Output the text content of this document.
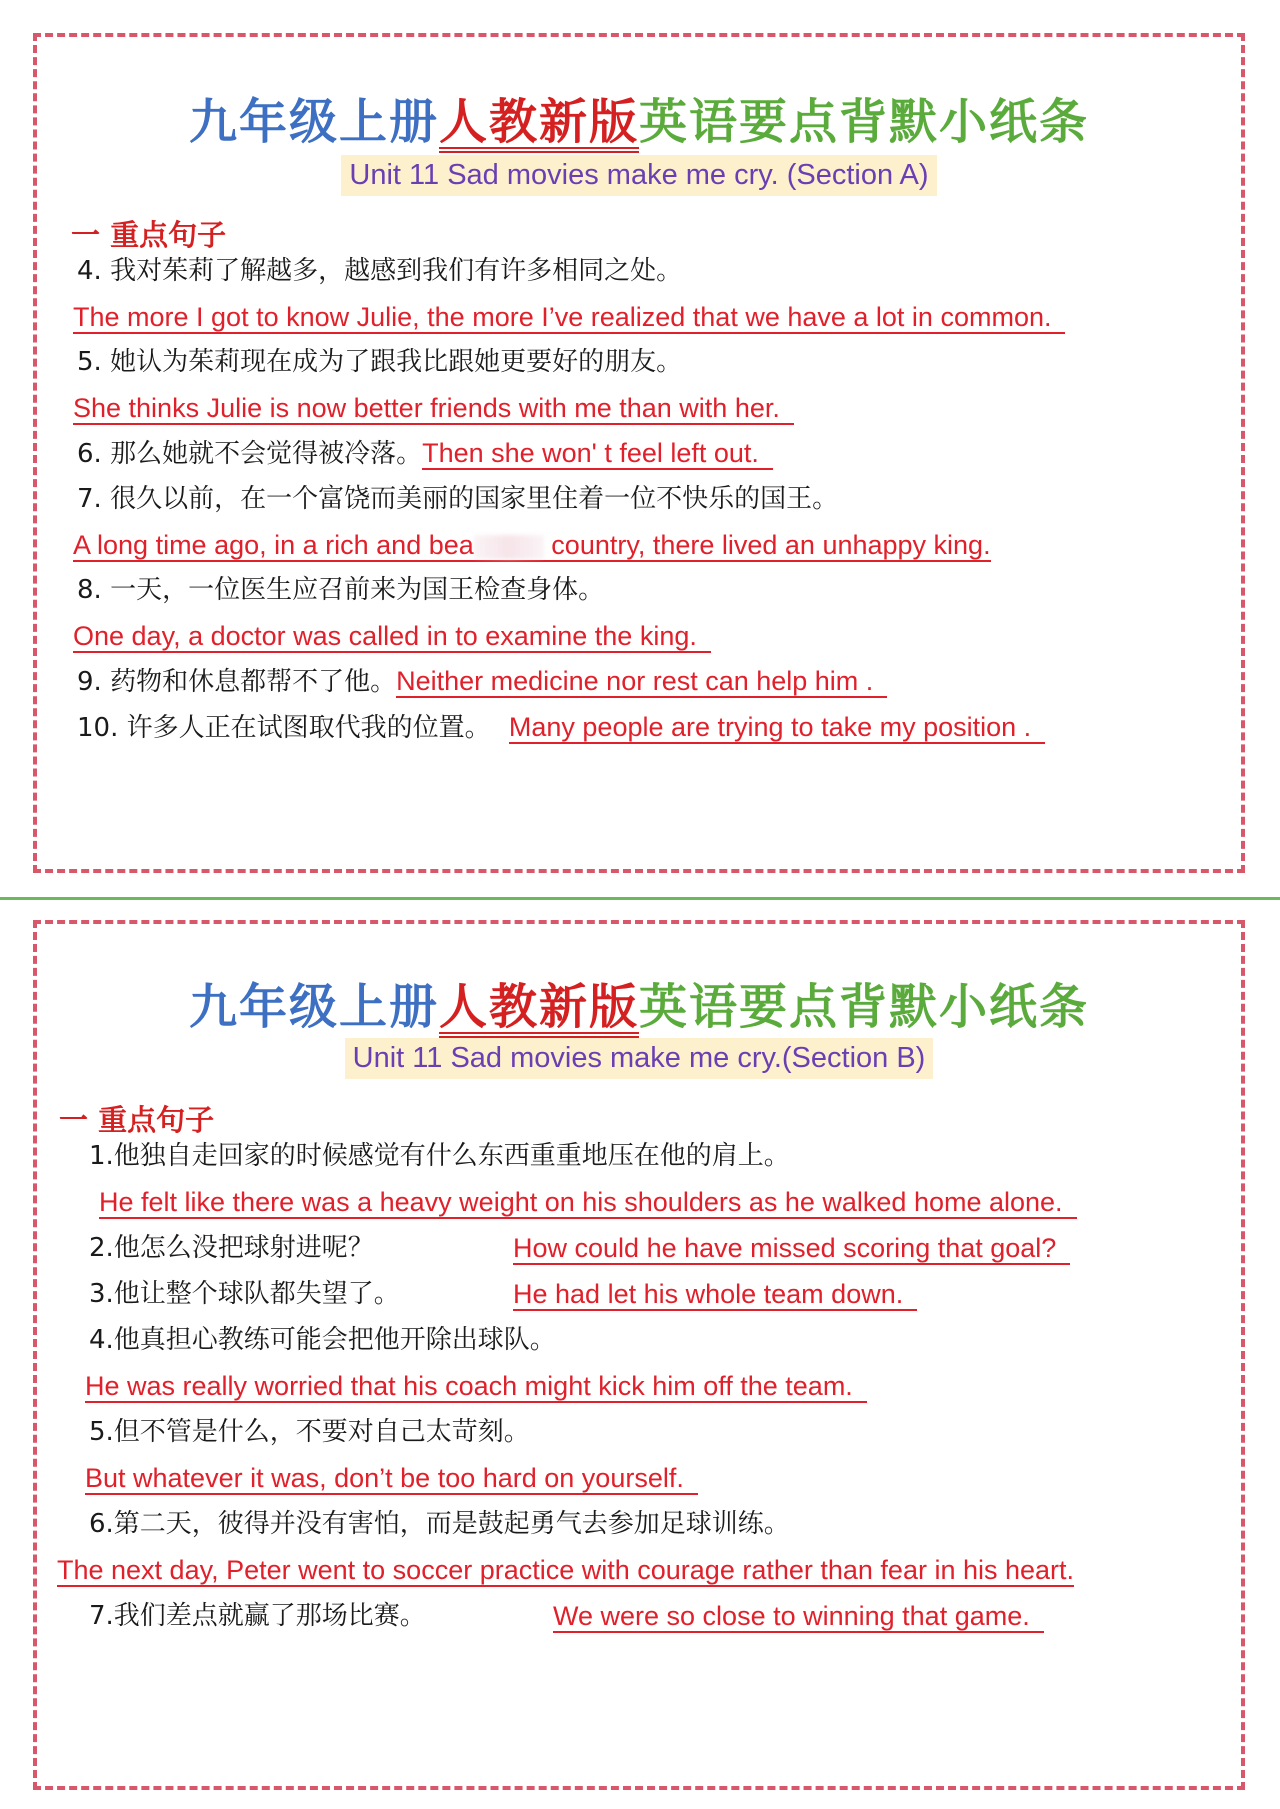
九年级上册人教新版英语要点背默小纸条
Unit 11 Sad movies make me cry. (Section A)
一 重点句子
4. 我对茱莉了解越多，越感到我们有许多相同之处。
The more I got to know Julie, the more I’ve realized that we have a lot in common.
5. 她认为茱莉现在成为了跟我比跟她更要好的朋友。
She thinks Julie is now better friends with me than with her.
6. 那么她就不会觉得被冷落。Then she won' t feel left out.
7. 很久以前，在一个富饶而美丽的国家里住着一位不快乐的国王。
A long time ago, in a rich and bea	country, there lived an unhappy king.
8. 一天，一位医生应召前来为国王检查身体。
One day, a doctor was called in to examine the king.
9. 药物和休息都帮不了他。Neither medicine nor rest can help him .
10. 许多人正在试图取代我的位置。 Many people are trying to take my position .
九年级上册人教新版英语要点背默小纸条
Unit 11 Sad movies make me cry.(Section B)
一 重点句子
1.他独自走回家的时候感觉有什么东西重重地压在他的肩上。
He felt like there was a heavy weight on his shoulders as he walked home alone.
2.他怎么没把球射进呢？	How could he have missed scoring that goal?
3.他让整个球队都失望了。	He had let his whole team down.
4.他真担心教练可能会把他开除出球队。
He was really worried that his coach might kick him off the team.
5.但不管是什么，不要对自己太苛刻。
But whatever it was, don’t be too hard on yourself.
6.第二天，彼得并没有害怕，而是鼓起勇气去参加足球训练。
The next day, Peter went to soccer practice with courage rather than fear in his heart.
7.我们差点就赢了那场比赛。	We were so close to winning that game.
